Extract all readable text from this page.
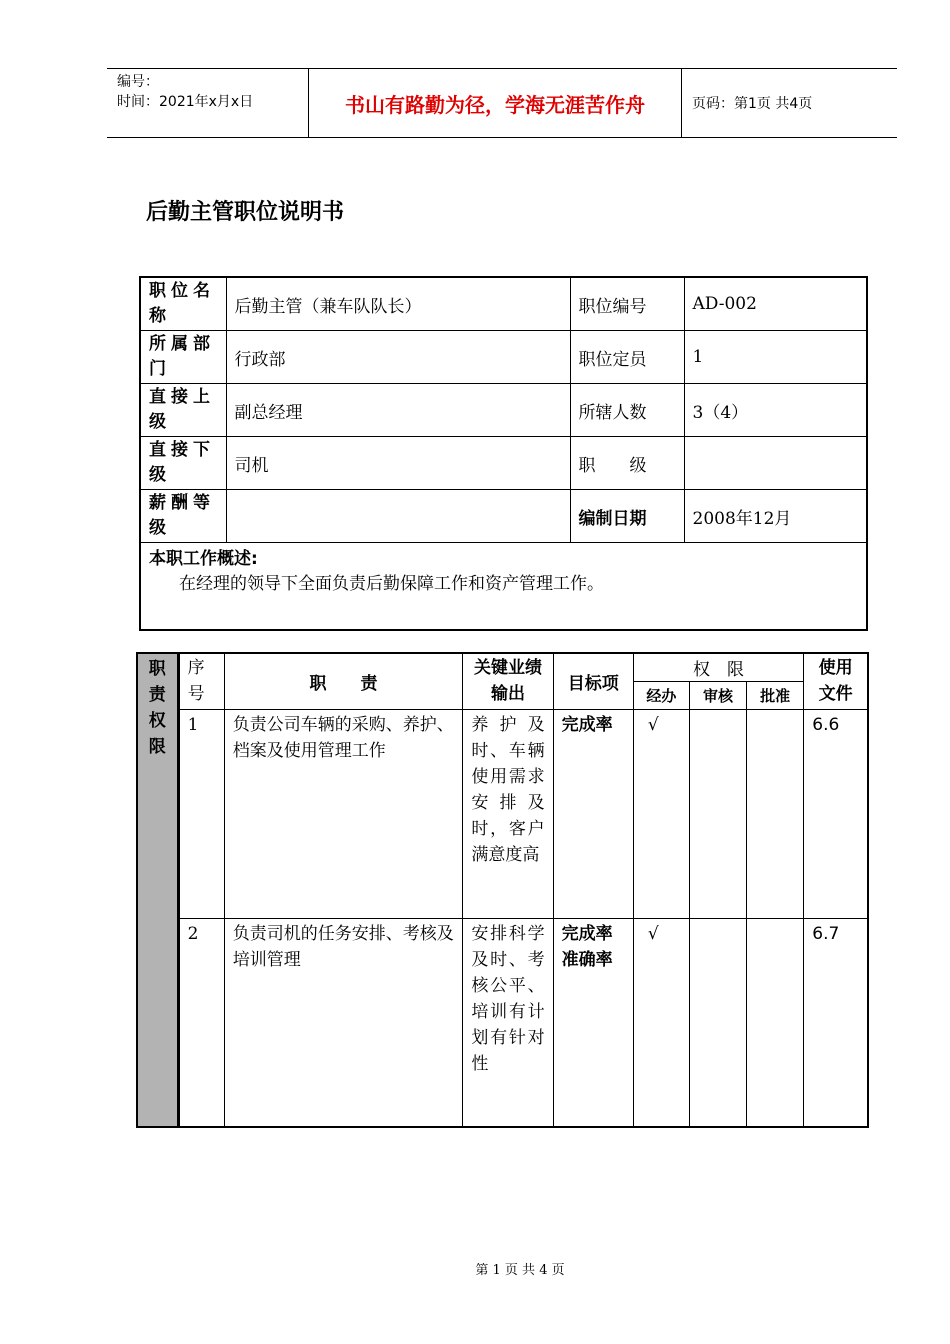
编号：
时间：2021年x月x日	书山有路勤为径，学海无涯苦作舟	页码：第1页 共4页
后勤主管职位说明书
职位名称	后勤主管（兼车队队长）	职位编号	AD-002
所属部门	行政部	职位定员	1
直接上级	副总经理	所辖人数	3（4）
直接下级	司机	职　　级	
薪酬等级		编制日期	2008年12月

本职工作概述:
在经理的领导下全面负责后勤保障工作和资产管理工作。			
职责权限	序号	职　　责	关键业绩输出	目标项	权　限			使用文件
					经办	审核	批准	
	1	负责公司车辆的采购、养护、档案及使用管理工作	养护及时、车辆使用需求安排及时，客户满意度高	完成率	√			6.6
	2	负责司机的任务安排、考核及培训管理	安排科学及时、考核公平、培训有计划有针对性	完成率准确率	√			6.7
第 1 页 共 4 页
